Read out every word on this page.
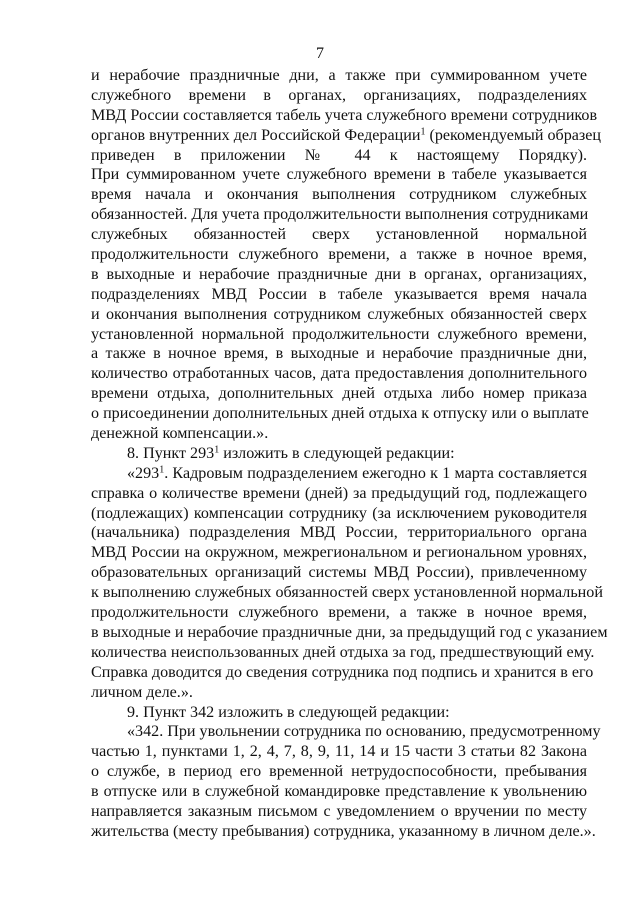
7
и нерабочие праздничные дни, а также при суммированном учете
служебного времени в органах, организациях, подразделениях
МВД России составляется табель учета служебного времени сотрудников
органов внутренних дел Российской Федерации$^1$ (рекомендуемый образец
приведен в приложении № 44 к настоящему Порядку).
При суммированном учете служебного времени в табеле указывается
время начала и окончания выполнения сотрудником служебных
обязанностей. Для учета продолжительности выполнения сотрудниками
служебных обязанностей сверх установленной нормальной
продолжительности служебного времени, а также в ночное время,
в выходные и нерабочие праздничные дни в органах, организациях,
подразделениях МВД России в табеле указывается время начала
и окончания выполнения сотрудником служебных обязанностей сверх
установленной нормальной продолжительности служебного времени,
а также в ночное время, в выходные и нерабочие праздничные дни,
количество отработанных часов, дата предоставления дополнительного
времени отдыха, дополнительных дней отдыха либо номер приказа
о присоединении дополнительных дней отдыха к отпуску или о выплате
денежной компенсации.».
8. Пункт $293^1$ изложить в следующей редакции:
«$293^1$. Кадровым подразделением ежегодно к 1 марта составляется
справка о количестве времени (дней) за предыдущий год, подлежащего
(подлежащих) компенсации сотруднику (за исключением руководителя
(начальника) подразделения МВД России, территориального органа
МВД России на окружном, межрегиональном и региональном уровнях,
образовательных организаций системы МВД России), привлеченному
к выполнению служебных обязанностей сверх установленной нормальной
продолжительности служебного времени, а также в ночное время,
в выходные и нерабочие праздничные дни, за предыдущий год с указанием
количества неиспользованных дней отдыха за год, предшествующий ему.
Справка доводится до сведения сотрудника под подпись и хранится в его
личном деле.».
9. Пункт 342 изложить в следующей редакции:
«342. При увольнении сотрудника по основанию, предусмотренному
частью 1, пунктами 1, 2, 4, 7, 8, 9, 11, 14 и 15 части 3 статьи 82 Закона
о службе, в период его временной нетрудоспособности, пребывания
в отпуске или в служебной командировке представление к увольнению
направляется заказным письмом с уведомлением о вручении по месту
жительства (месту пребывания) сотрудника, указанному в личном деле.».
